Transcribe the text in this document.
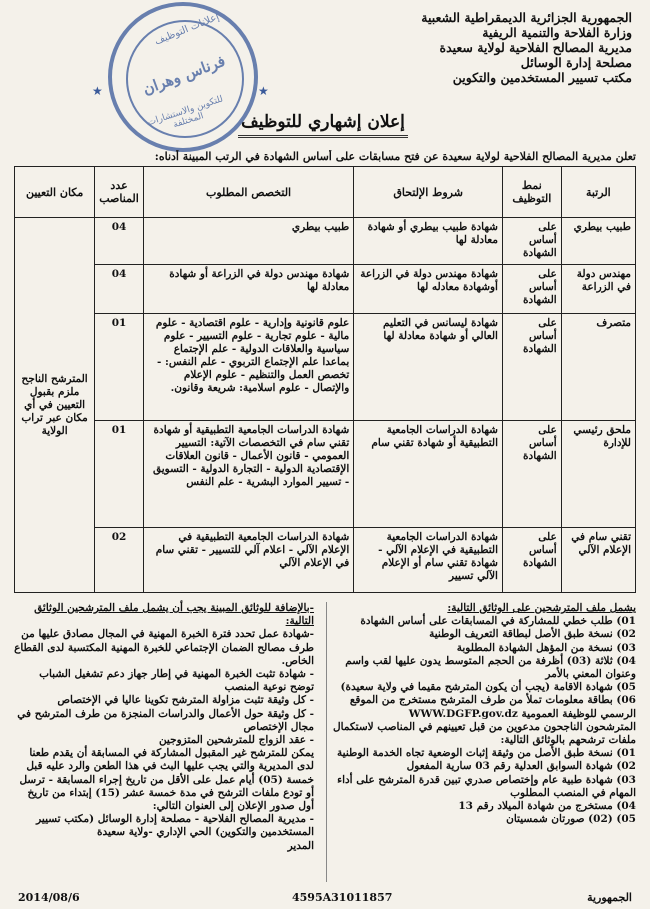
الجمهورية الجزائرية الديمقراطية الشعبية
وزارة الفلاحة والتنمية الريفية
مديرية المصالح الفلاحية لولاية سعيدة
مصلحة إدارة الوسائل
مكتب تسيير المستخدمين والتكوين
إعلانات التوظيف
فرناس وهران
للتكوين والاستشارات المختلفة
★	★
إعلان إشهاري للتوظيف
تعلن مديرية المصالح الفلاحية لولاية سعيدة عن فتح مسابقات على أساس الشهادة في الرتب المبينة أدناه:
الرتبة	نمط التوظيف	شروط الإلتحاق	التخصص المطلوب	عدد المناصب	مكان التعيين
طبيب بيطري	على أساس الشهادة	شهادة طبيب بيطري أو شهادة معادلة لها	طبيب بيطري	04	المترشح الناجح ملزم بقبول التعيين في أي مكان عبر تراب الولاية
مهندس دولة في الزراعة	على أساس الشهادة	شهادة مهندس دولة في الزراعة أوشهادة معادله لها	شهادة مهندس دولة في الزراعة أو شهادة معادلة لها	04	
متصرف	على أساس الشهادة	شهادة ليسانس في التعليم العالي أو شهادة معادلة لها	علوم قانونية وإدارية - علوم اقتصادية - علوم مالية - علوم تجارية - علوم التسيير - علوم سياسية والعلاقات الدولية - علم الإجتماع بماعدا علم الإجتماع التربوي - علم النفس: - تخصص العمل والتنظيم - علوم الإعلام والإتصال - علوم اسلامية: شريعة وقانون.	01	
ملحق رئيسي للإدارة	على أساس الشهادة	شهادة الدراسات الجامعية التطبيقية أو شهادة تقني سام	شهادة الدراسات الجامعية التطبيقية أو شهادة تقني سام في التخصصات الآتية: التسيير العمومي - قانون الأعمال - قانون العلاقات الإقتصادية الدولية - التجارة الدولية - التسويق - تسيير الموارد البشرية - علم النفس	01	
تقني سام في الإعلام الآلي	على أساس الشهادة	شهادة الدراسات الجامعية التطبيقية في الإعلام الآلي - شهادة تقني سام أو الإعلام الآلي تسيير	شهادة الدراسات الجامعية التطبيقية في الإعلام الآلي - اعلام آلي للتسيير - تقني سام في الإعلام الآلي	02	

يشمل ملف المترشحين على الوثائق التالية:

01) طلب خطي للمشاركة في المسابقات على أساس الشهادة

02) نسخة طبق الأصل لبطاقة التعريف الوطنية

03) نسخة من المؤهل الشهادة المطلوبة

04) ثلاثة (03) أظرفة من الحجم المتوسط يدون عليها لقب واسم وعنوان المعني بالأمر

05) شهادة الاقامة (يجب أن يكون المترشح مقيما في ولاية سعيدة)

06) بطاقة معلومات تملأ من طرف المترشح مستخرج من الموقع الرسمي للوظيفة العمومية WWW.DGFP.gov.dz

المترشحون الناجحون مدعوين من قبل تعيينهم في المناصب لاستكمال ملفات ترشحهم بالوثائق التالية:

01) نسخة طبق الأصل من وثيقة إثبات الوضعية تجاه الخدمة الوطنية

02) شهادة السوابق العدلية رقم 03 سارية المفعول

03) شهادة طبية عام وإختصاص صدري تبين قدرة المترشح على أداء المهام في المنصب المطلوب

04) مستخرج من شهادة الميلاد رقم 13

05) (02) صورتان شمسيتان

-بالإضافة للوثائق المبينة يجب أن يشمل ملف المترشحين الوثائق التالية:

-شهادة عمل تحدد فترة الخبرة المهنية في المجال مصادق عليها من طرف مصالح الضمان الإجتماعي للخبرة المهنية المكتسبة لدى القطاع الخاص.

- شهادة تثبت الخبرة المهنية في إطار جهاز دعم تشغيل الشباب توضح نوعية المنصب

- كل وثيقة تثبت مزاولة المترشح تكوينا عاليا في الإختصاص

- كل وثيقة حول الأعمال والدراسات المنجزة من طرف المترشح في مجال الإختصاص

- عقد الزواج للمترشحين المتزوجين

يمكن للمترشح غير المقبول المشاركة في المسابقة أن يقدم طعنا لدى المديرية والتي يجب عليها البث في هذا الطعن والرد عليه قبل خمسة (05) أيام عمل على الأقل من تاريخ إجراء المسابقة - ترسل أو تودع ملفات الترشح في مدة خمسة عشر (15) إبتداء من تاريخ أول صدور الإعلان إلى العنوان التالي:

- مديرية المصالح الفلاحية - مصلحة إدارة الوسائل (مكتب تسيير المستخدمين والتكوين) الحي الإداري -ولاية سعيدة

المدير

2014/08/6	4595A31011857	الجمهورية
